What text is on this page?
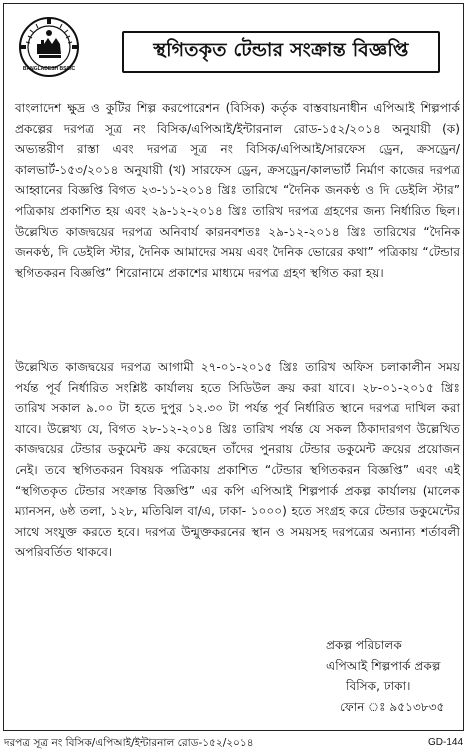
BANGLADESH BSCIC
স্থগিতকৃত টেন্ডার সংক্রান্ত বিজ্ঞপ্তি

বাংলাদেশ ক্ষুদ্র ও কুটির শিল্প করপোরেশন (বিসিক) কর্তৃক বাস্তবায়নাধীন এপিআই শিল্পপার্ক প্রকল্পের দরপত্র সূত্র নং বিসিক/এপিআই/ইন্টারনাল রোড-১৫২/২০১৪ অনুযায়ী (ক) অভ্যন্তরীণ রাস্তা এবং দরপত্র সূত্র নং বিসিক/এপিআই/সারফেস ড্রেন, ক্রসড্রেন/কালভার্ট-১৫৩/২০১৪ অনুযায়ী (খ) সারফেস ড্রেন, ক্রসড্রেন/কালভার্ট নির্মাণ কাজের দরপত্র আহ্বানের বিজ্ঞপ্তি বিগত ২৩-১১-২০১৪ খ্রিঃ তারিখে “দৈনিক জনকণ্ঠ ও দি ডেইলি স্টার” পত্রিকায় প্রকাশিত হয় এবং ২৯-১২-২০১৪ খ্রিঃ তারিখ দরপত্র গ্রহণের জন্য নির্ধারিত ছিল। উল্লেখিত কাজদ্বয়ের দরপত্র অনিবার্য কারনবশতঃ ২৯-১২-২০১৪ খ্রিঃ তারিখের “দৈনিক জনকণ্ঠ, দি ডেইলি স্টার, দৈনিক আমাদের সময় এবং দৈনিক ভোরের কথা” পত্রিকায় “টেন্ডার স্থগিতকরন বিজ্ঞপ্তি” শিরোনামে প্রকাশের মাধ্যমে দরপত্র গ্রহণ স্থগিত করা হয়।

উল্লেখিত কাজদ্বয়ের দরপত্র আগামী ২৭-০১-২০১৫ খ্রিঃ তারিখ অফিস চলাকালীন সময় পর্যন্ত পূর্ব নির্ধারিত সংশ্লিষ্ট কার্যালয় হতে সিডিউল ক্রয় করা যাবে। ২৮-০১-২০১৫ খ্রিঃ তারিখ সকাল ৯.০০ টা হতে দুপুর ১২.৩০ টা পর্যন্ত পূর্ব নির্ধারিত স্থানে দরপত্র দাখিল করা যাবে। উল্লেখ্য যে, বিগত ২৮-১২-২০১৪ খ্রিঃ তারিখ পর্যন্ত যে সকল ঠিকাদারগণ উল্লেখিত কাজদ্বয়ের টেন্ডার ডকুমেন্ট ক্রয় করেছেন তাঁদের পুনরায় টেন্ডার ডকুমেন্ট ক্রয়ের প্রয়োজন নেই। তবে স্থগিতকরন বিষয়ক পত্রিকায় প্রকাশিত “টেন্ডার স্থগিতকরন বিজ্ঞপ্তি” এবং এই “স্থগিতকৃত টেন্ডার সংক্রান্ত বিজ্ঞপ্তি” এর কপি এপিআই শিল্পপার্ক প্রকল্প কার্যালয় (মালেক ম্যানসন, ৬ষ্ঠ তলা, ১২৮, মতিঝিল বা/এ, ঢাকা- ১০০০) হতে সংগ্রহ করে টেন্ডার ডকুমেন্টের সাথে সংযুক্ত করতে হবে। দরপত্র উন্মুক্তকরনের স্থান ও সময়সহ দরপত্রের অন্যান্য শর্তাবলী অপরিবর্তিত থাকবে।

প্রকল্প পরিচালক
এপিআই শিল্পপার্ক প্রকল্প
বিসিক, ঢাকা।
ফোন ঃ ৯৫১৩৮৩৫
দরপত্র সূত্র নং বিসিক/এপিআই/ইন্টারনাল রোড-১৫২/২০১৪	GD-144
